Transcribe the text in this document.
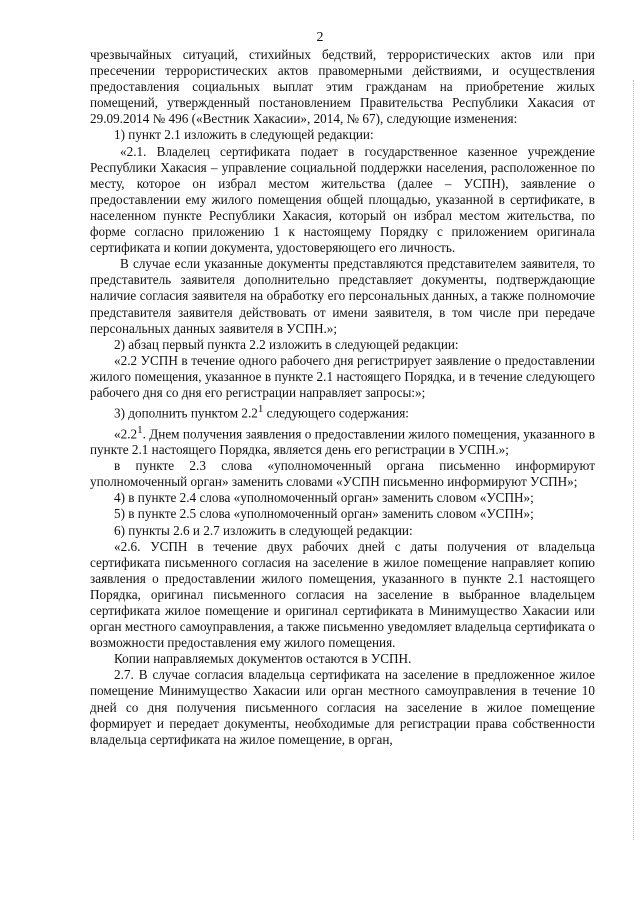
2

чрезвычайных ситуаций, стихийных бедствий, террористических актов или при пресечении террористических актов правомерными действиями, и осуществления предоставления социальных выплат этим гражданам на приобретение жилых помещений, утвержденный постановлением Правительства Республики Хакасия от 29.09.2014 № 496 («Вестник Хакасии», 2014, № 67), следующие изменения:

1) пункт 2.1 изложить в следующей редакции:

«2.1. Владелец сертификата подает в государственное казенное учреждение Республики Хакасия – управление социальной поддержки населения, расположенное по месту, которое он избрал местом жительства (далее – УСПН), заявление о предоставлении ему жилого помещения общей площадью, указанной в сертификате, в населенном пункте Республики Хакасия, который он избрал местом жительства, по форме согласно приложению 1 к настоящему Порядку с приложением оригинала сертификата и копии документа, удостоверяющего его личность.

В случае если указанные документы представляются представителем заявителя, то представитель заявителя дополнительно представляет документы, подтверждающие наличие согласия заявителя на обработку его персональных данных, а также полномочие представителя заявителя действовать от имени заявителя, в том числе при передаче персональных данных заявителя в УСПН.»;

2) абзац первый пункта 2.2 изложить в следующей редакции:

«2.2 УСПН в течение одного рабочего дня регистрирует заявление о предоставлении жилого помещения, указанное в пункте 2.1 настоящего Порядка, и в течение следующего рабочего дня со дня его регистрации направляет запросы:»;

3) дополнить пунктом $2.2^1$ следующего содержания:

«$2.2^1$. Днем получения заявления о предоставлении жилого помещения, указанного в пункте 2.1 настоящего Порядка, является день его регистрации в УСПН.»;

в пункте 2.3 слова «уполномоченный органа письменно информируют уполномоченный орган» заменить словами «УСПН письменно информируют УСПН»;

4) в пункте 2.4 слова «уполномоченный орган» заменить словом «УСПН»;

5) в пункте 2.5 слова «уполномоченный орган» заменить словом «УСПН»;

6) пункты 2.6 и 2.7 изложить в следующей редакции:

«2.6. УСПН в течение двух рабочих дней с даты получения от владельца сертификата письменного согласия на заселение в жилое помещение направляет копию заявления о предоставлении жилого помещения, указанного в пункте 2.1 настоящего Порядка, оригинал письменного согласия на заселение в выбранное владельцем сертификата жилое помещение и оригинал сертификата в Минимущество Хакасии или орган местного самоуправления, а также письменно уведомляет владельца сертификата о возможности предоставления ему жилого помещения.

Копии направляемых документов остаются в УСПН.

2.7. В случае согласия владельца сертификата на заселение в предложенное жилое помещение Минимущество Хакасии или орган местного самоуправления в течение 10 дней со дня получения письменного согласия на заселение в жилое помещение формирует и передает документы, необходимые для регистрации права собственности владельца сертификата на жилое помещение, в орган,
